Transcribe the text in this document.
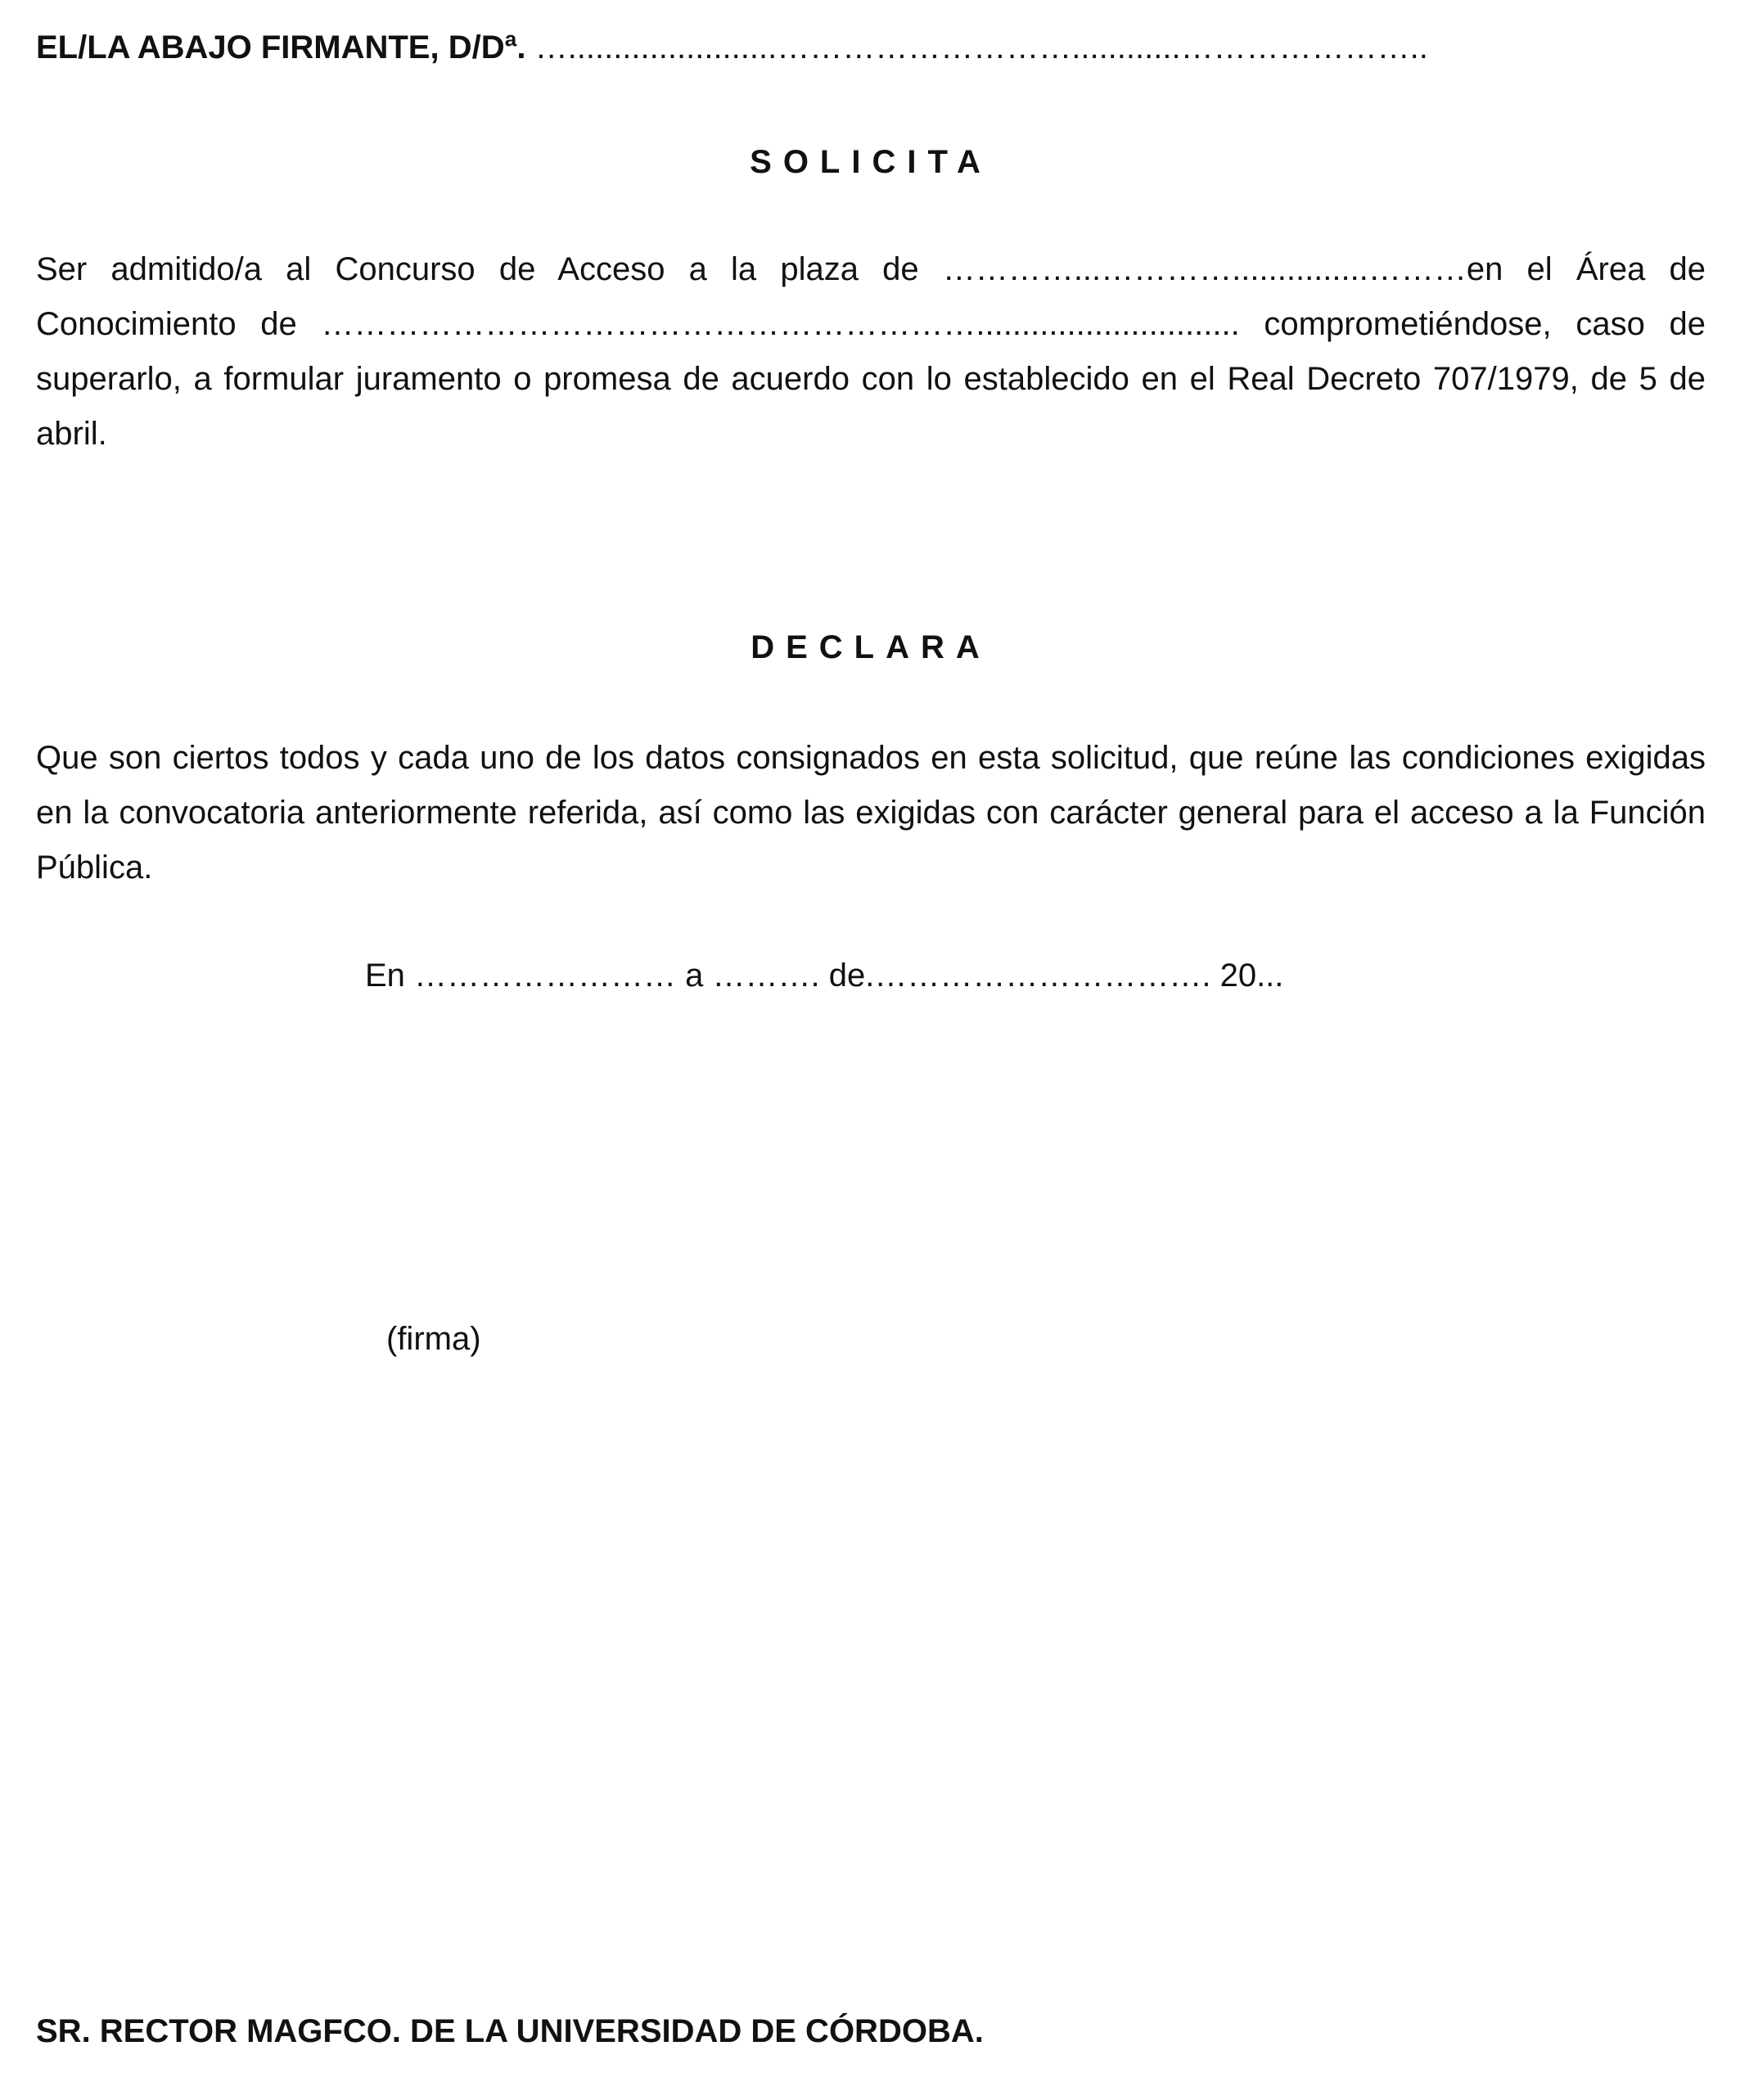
EL/LA ABAJO FIRMANTE, D/Dª. ….......................………………………............…………………..
SOLICITA
Ser admitido/a al Concurso de Acceso a la plaza de …………...…………...............………en el Área de Conocimiento de ……………………………………………………............................. comprometiéndose, caso de superarlo, a formular juramento o promesa de acuerdo con lo establecido en el Real Decreto 707/1979, de 5 de abril.
DECLARA
Que son ciertos todos y cada uno de los datos consignados en esta solicitud, que reúne las condiciones exigidas en la convocatoria anteriormente referida, así como las exigidas con carácter general para el acceso a la Función Pública.
En …………………… a ………. de.…………………………. 20...
(firma)
SR. RECTOR MAGFCO. DE LA UNIVERSIDAD DE CÓRDOBA.
